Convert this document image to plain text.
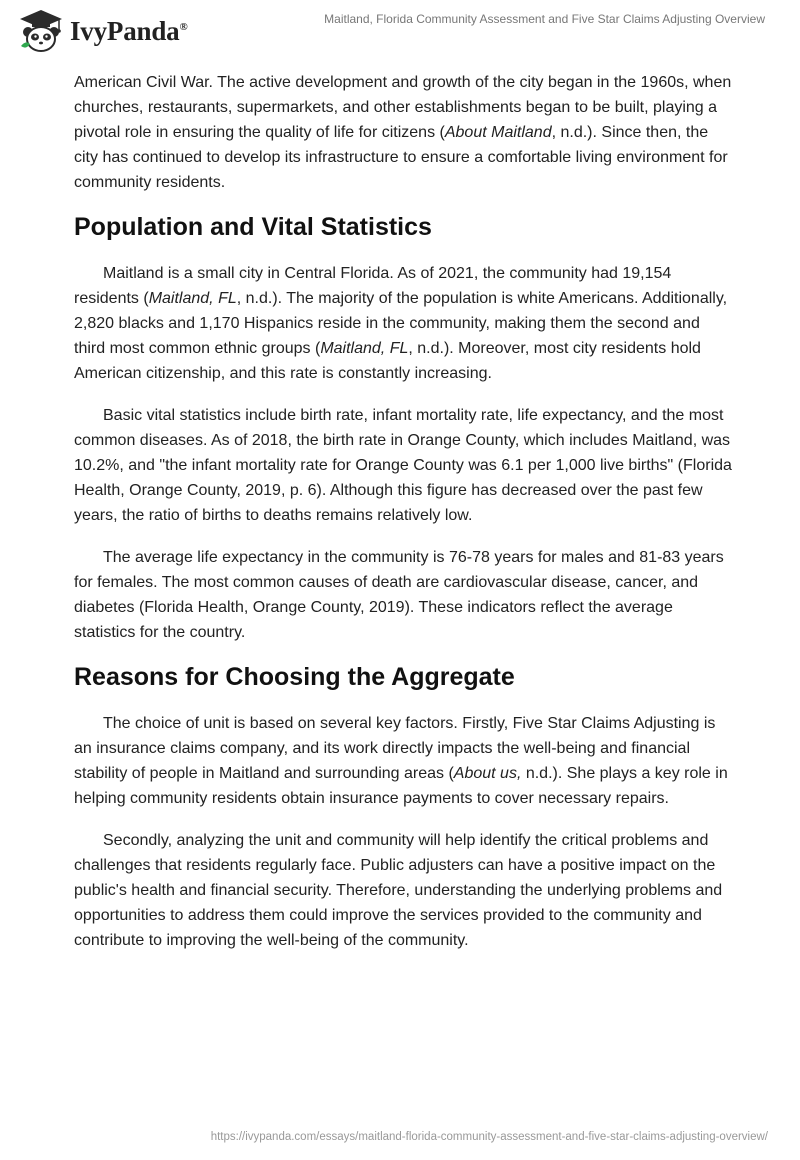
IvyPanda®
Maitland, Florida Community Assessment and Five Star Claims Adjusting Overview

American Civil War. The active development and growth of the city began in the 1960s, when churches, restaurants, supermarkets, and other establishments began to be built, playing a pivotal role in ensuring the quality of life for citizens (About Maitland, n.d.). Since then, the city has continued to develop its infrastructure to ensure a comfortable living environment for community residents.

Population and Vital Statistics

Maitland is a small city in Central Florida. As of 2021, the community had 19,154 residents (Maitland, FL, n.d.). The majority of the population is white Americans. Additionally, 2,820 blacks and 1,170 Hispanics reside in the community, making them the second and third most common ethnic groups (Maitland, FL, n.d.). Moreover, most city residents hold American citizenship, and this rate is constantly increasing.

Basic vital statistics include birth rate, infant mortality rate, life expectancy, and the most common diseases. As of 2018, the birth rate in Orange County, which includes Maitland, was 10.2%, and "the infant mortality rate for Orange County was 6.1 per 1,000 live births" (Florida Health, Orange County, 2019, p. 6). Although this figure has decreased over the past few years, the ratio of births to deaths remains relatively low.

The average life expectancy in the community is 76-78 years for males and 81-83 years for females. The most common causes of death are cardiovascular disease, cancer, and diabetes (Florida Health, Orange County, 2019). These indicators reflect the average statistics for the country.

Reasons for Choosing the Aggregate

The choice of unit is based on several key factors. Firstly, Five Star Claims Adjusting is an insurance claims company, and its work directly impacts the well-being and financial stability of people in Maitland and surrounding areas (About us, n.d.). She plays a key role in helping community residents obtain insurance payments to cover necessary repairs.

Secondly, analyzing the unit and community will help identify the critical problems and challenges that residents regularly face. Public adjusters can have a positive impact on the public's health and financial security. Therefore, understanding the underlying problems and opportunities to address them could improve the services provided to the community and contribute to improving the well-being of the community.

https://ivypanda.com/essays/maitland-florida-community-assessment-and-five-star-claims-adjusting-overview/
